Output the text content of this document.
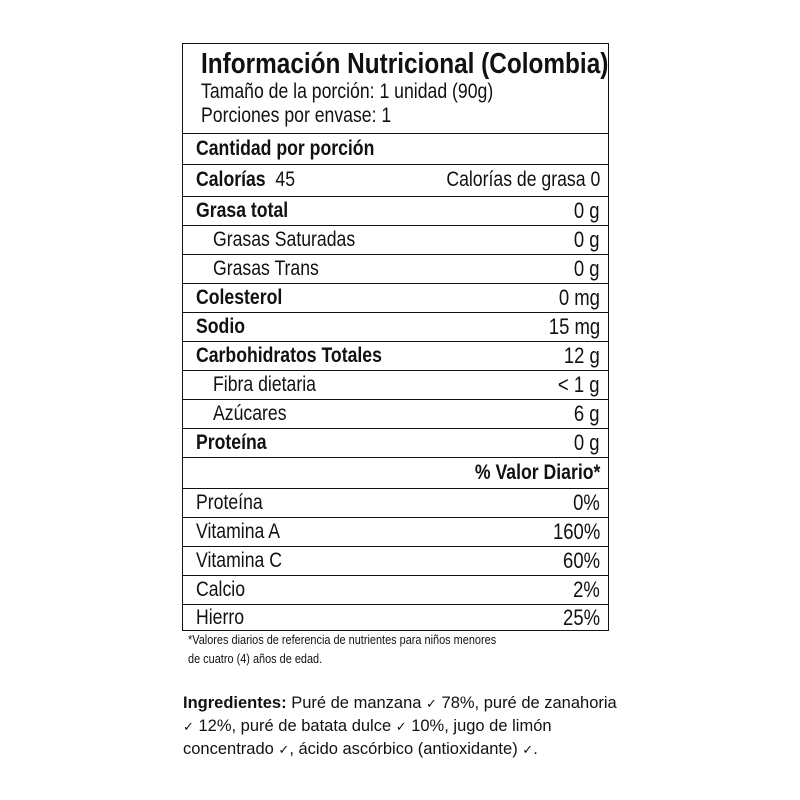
Información Nutricional (Colombia)
Tamaño de la porción: 1 unidad (90g)
Porciones por envase: 1
Cantidad por porción
Calorías 45	Calorías de grasa 0
Grasa total	0 g
Grasas Saturadas	0 g
Grasas Trans	0 g
Colesterol	0 mg
Sodio	15 mg
Carbohidratos Totales	12 g
Fibra dietaria	< 1 g
Azúcares	6 g
Proteína	0 g
% Valor Diario*
Proteína	0%
Vitamina A	160%
Vitamina C	60%
Calcio	2%
Hierro	25%
*Valores diarios de referencia de nutrientes para niños menores
de cuatro (4) años de edad.
Ingredientes: Puré de manzana ✓ 78%, puré de zanahoria ✓ 12%, puré de batata dulce ✓ 10%, jugo de limón concentrado ✓, ácido ascórbico (antioxidante) ✓.
